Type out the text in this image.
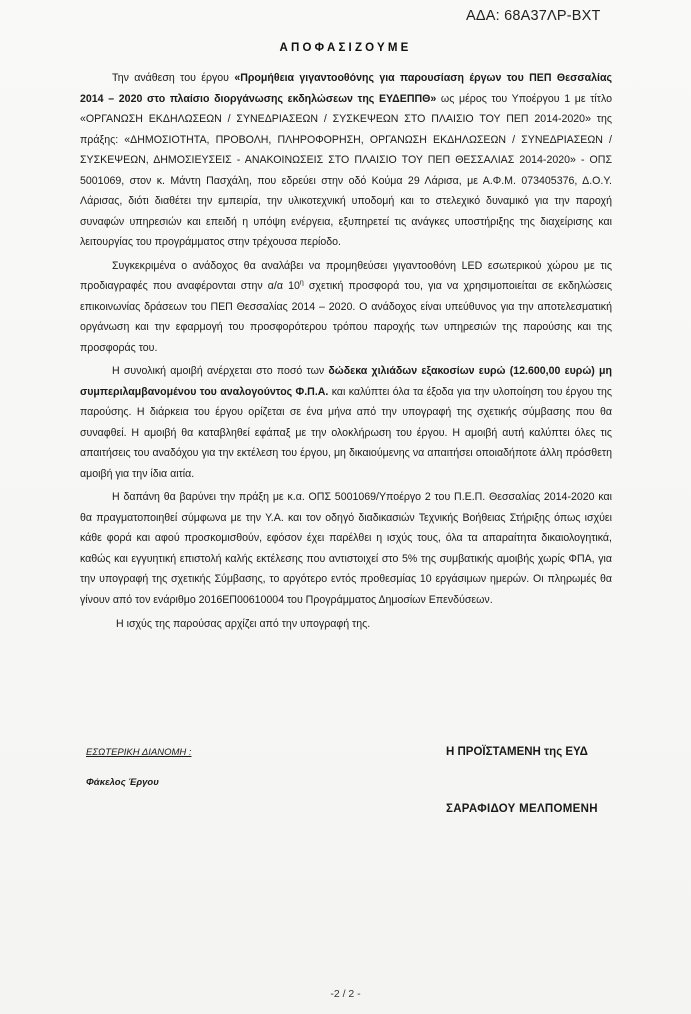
ΑΔΑ: 68Α37ΛΡ-ΒΧΤ
ΑΠΟΦΑΣΙΖΟΥΜΕ

Την ανάθεση του έργου «Προμήθεια γιγαντοοθόνης για παρουσίαση έργων του ΠΕΠ Θεσσαλίας 2014 – 2020 στο πλαίσιο διοργάνωσης εκδηλώσεων της ΕΥΔΕΠΠΘ» ως μέρος του Υποέργου 1 με τίτλο «ΟΡΓΑΝΩΣΗ ΕΚΔΗΛΩΣΕΩΝ / ΣΥΝΕΔΡΙΑΣΕΩΝ / ΣΥΣΚΕΨΕΩΝ ΣΤΟ ΠΛΑΙΣΙΟ ΤΟΥ ΠΕΠ 2014-2020» της πράξης: «ΔΗΜΟΣΙΟΤΗΤΑ, ΠΡΟΒΟΛΗ, ΠΛΗΡΟΦΟΡΗΣΗ, ΟΡΓΑΝΩΣΗ ΕΚΔΗΛΩΣΕΩΝ / ΣΥΝΕΔΡΙΑΣΕΩΝ /ΣΥΣΚΕΨΕΩΝ, ΔΗΜΟΣΙΕΥΣΕΙΣ - ΑΝΑΚΟΙΝΩΣΕΙΣ ΣΤΟ ΠΛΑΙΣΙΟ ΤΟΥ ΠΕΠ ΘΕΣΣΑΛΙΑΣ 2014-2020» - ΟΠΣ 5001069, στον κ. Μάντη Πασχάλη, που εδρεύει στην οδό Κούμα 29 Λάρισα, με Α.Φ.Μ. 073405376, Δ.Ο.Υ. Λάρισας, διότι διαθέτει την εμπειρία, την υλικοτεχνική υποδομή και το στελεχικό δυναμικό για την παροχή συναφών υπηρεσιών και επειδή η υπόψη ενέργεια, εξυπηρετεί τις ανάγκες υποστήριξης της διαχείρισης και λειτουργίας του προγράμματος στην τρέχουσα περίοδο.

Συγκεκριμένα ο ανάδοχος θα αναλάβει να προμηθεύσει γιγαντοοθόνη LED εσωτερικού χώρου με τις προδιαγραφές που αναφέρονται στην α/α $10^\eta$ σχετική προσφορά του, για να χρησιμοποιείται σε εκδηλώσεις επικοινωνίας δράσεων του ΠΕΠ Θεσσαλίας 2014 – 2020. Ο ανάδοχος είναι υπεύθυνος για την αποτελεσματική οργάνωση και την εφαρμογή του προσφορότερου τρόπου παροχής των υπηρεσιών της παρούσης και της προσφοράς του.

Η συνολική αμοιβή ανέρχεται στο ποσό των δώδεκα χιλιάδων εξακοσίων ευρώ (12.600,00 ευρώ) μη συμπεριλαμβανομένου του αναλογούντος Φ.Π.Α. και καλύπτει όλα τα έξοδα για την υλοποίηση του έργου της παρούσης. Η διάρκεια του έργου ορίζεται σε ένα μήνα από την υπογραφή της σχετικής σύμβασης που θα συναφθεί. Η αμοιβή θα καταβληθεί εφάπαξ με την ολοκλήρωση του έργου. Η αμοιβή αυτή καλύπτει όλες τις απαιτήσεις του αναδόχου για την εκτέλεση του έργου, μη δικαιούμενης να απαιτήσει οποιαδήποτε άλλη πρόσθετη αμοιβή για την ίδια αιτία.

Η δαπάνη θα βαρύνει την πράξη με κ.α. ΟΠΣ 5001069/Υποέργο 2 του Π.Ε.Π. Θεσσαλίας 2014-2020 και θα πραγματοποιηθεί σύμφωνα με την Υ.Α. και τον οδηγό διαδικασιών Τεχνικής Βοήθειας Στήριξης όπως ισχύει κάθε φορά και αφού προσκομισθούν, εφόσον έχει παρέλθει η ισχύς τους, όλα τα απαραίτητα δικαιολογητικά, καθώς και εγγυητική επιστολή καλής εκτέλεσης που αντιστοιχεί στο 5% της συμβατικής αμοιβής χωρίς ΦΠΑ, για την υπογραφή της σχετικής Σύμβασης, το αργότερο εντός προθεσμίας 10 εργάσιμων ημερών. Οι πληρωμές θα γίνουν από τον ενάριθμο 2016ΕΠ00610004 του Προγράμματος Δημοσίων Επενδύσεων.

Η ισχύς της παρούσας αρχίζει από την υπογραφή της.

ΕΣΩΤΕΡΙΚΗ ΔΙΑΝΟΜΗ :
Φάκελος Έργου
Η ΠΡΟΪΣΤΑΜΕΝΗ της ΕΥΔ
ΣΑΡΑΦΙΔΟΥ ΜΕΛΠΟΜΕΝΗ
-2 / 2 -
